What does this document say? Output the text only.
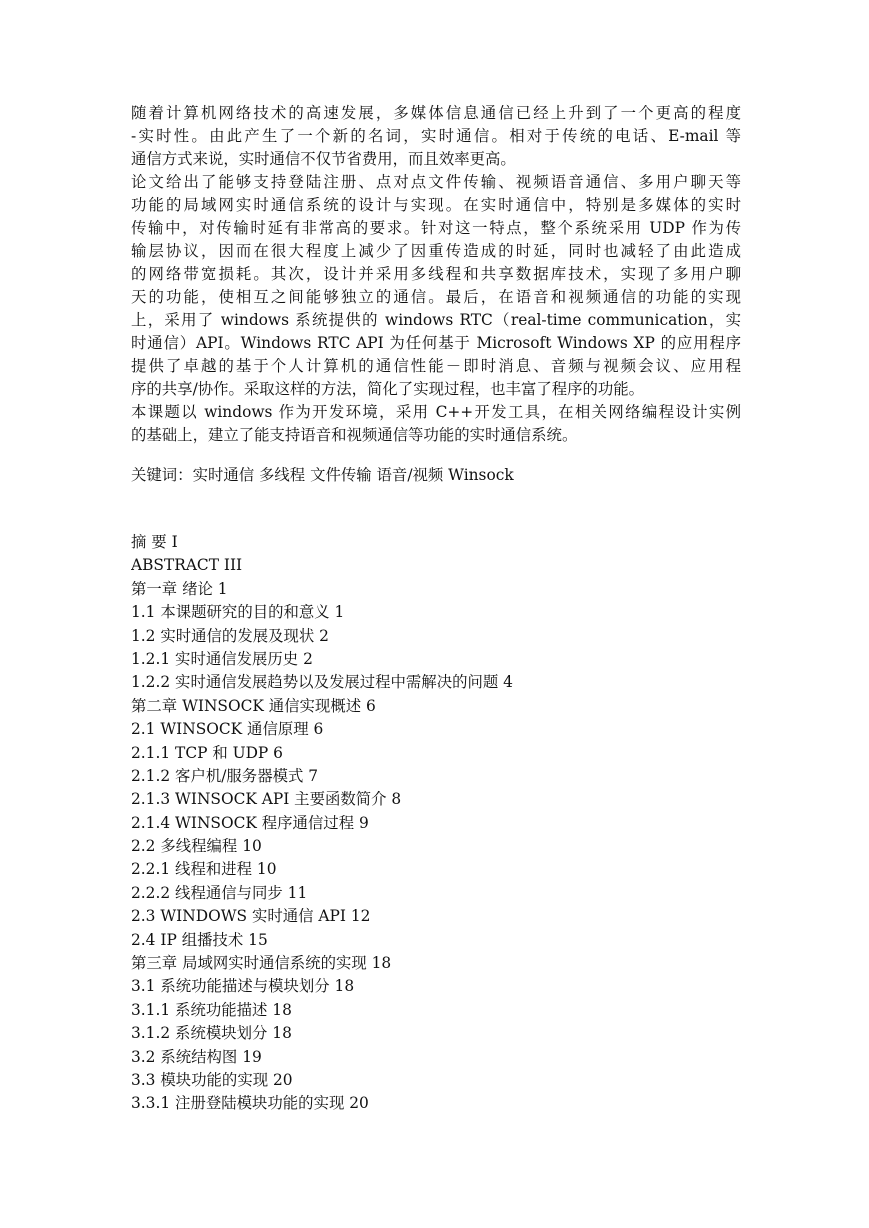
随着计算机网络技术的高速发展，多媒体信息通信已经上升到了一个更高的程度
-实时性。由此产生了一个新的名词，实时通信。相对于传统的电话、E-mail 等
通信方式来说，实时通信不仅节省费用，而且效率更高。
论文给出了能够支持登陆注册、点对点文件传输、视频语音通信、多用户聊天等
功能的局域网实时通信系统的设计与实现。在实时通信中，特别是多媒体的实时
传输中，对传输时延有非常高的要求。针对这一特点，整个系统采用 UDP 作为传
输层协议，因而在很大程度上减少了因重传造成的时延，同时也减轻了由此造成
的网络带宽损耗。其次，设计并采用多线程和共享数据库技术，实现了多用户聊
天的功能，使相互之间能够独立的通信。最后，在语音和视频通信的功能的实现
上，采用了 windows 系统提供的 windows RTC（real-time communication，实
时通信）API。Windows RTC API 为任何基于 Microsoft Windows XP 的应用程序
提供了卓越的基于个人计算机的通信性能－即时消息、音频与视频会议、应用程
序的共享/协作。采取这样的方法，简化了实现过程，也丰富了程序的功能。
本课题以 windows 作为开发环境，采用 C++开发工具，在相关网络编程设计实例
的基础上，建立了能支持语音和视频通信等功能的实时通信系统。
关键词：实时通信 多线程 文件传输 语音/视频 Winsock
摘 要 I
ABSTRACT III
第一章 绪论 1
1.1 本课题研究的目的和意义 1
1.2 实时通信的发展及现状 2
1.2.1 实时通信发展历史 2
1.2.2 实时通信发展趋势以及发展过程中需解决的问题 4
第二章 WINSOCK 通信实现概述 6
2.1 WINSOCK 通信原理 6
2.1.1 TCP 和 UDP 6
2.1.2 客户机/服务器模式 7
2.1.3 WINSOCK API 主要函数简介 8
2.1.4 WINSOCK 程序通信过程 9
2.2 多线程编程 10
2.2.1 线程和进程 10
2.2.2 线程通信与同步 11
2.3 WINDOWS 实时通信 API 12
2.4 IP 组播技术 15
第三章 局域网实时通信系统的实现 18
3.1 系统功能描述与模块划分 18
3.1.1 系统功能描述 18
3.1.2 系统模块划分 18
3.2 系统结构图 19
3.3 模块功能的实现 20
3.3.1 注册登陆模块功能的实现 20
